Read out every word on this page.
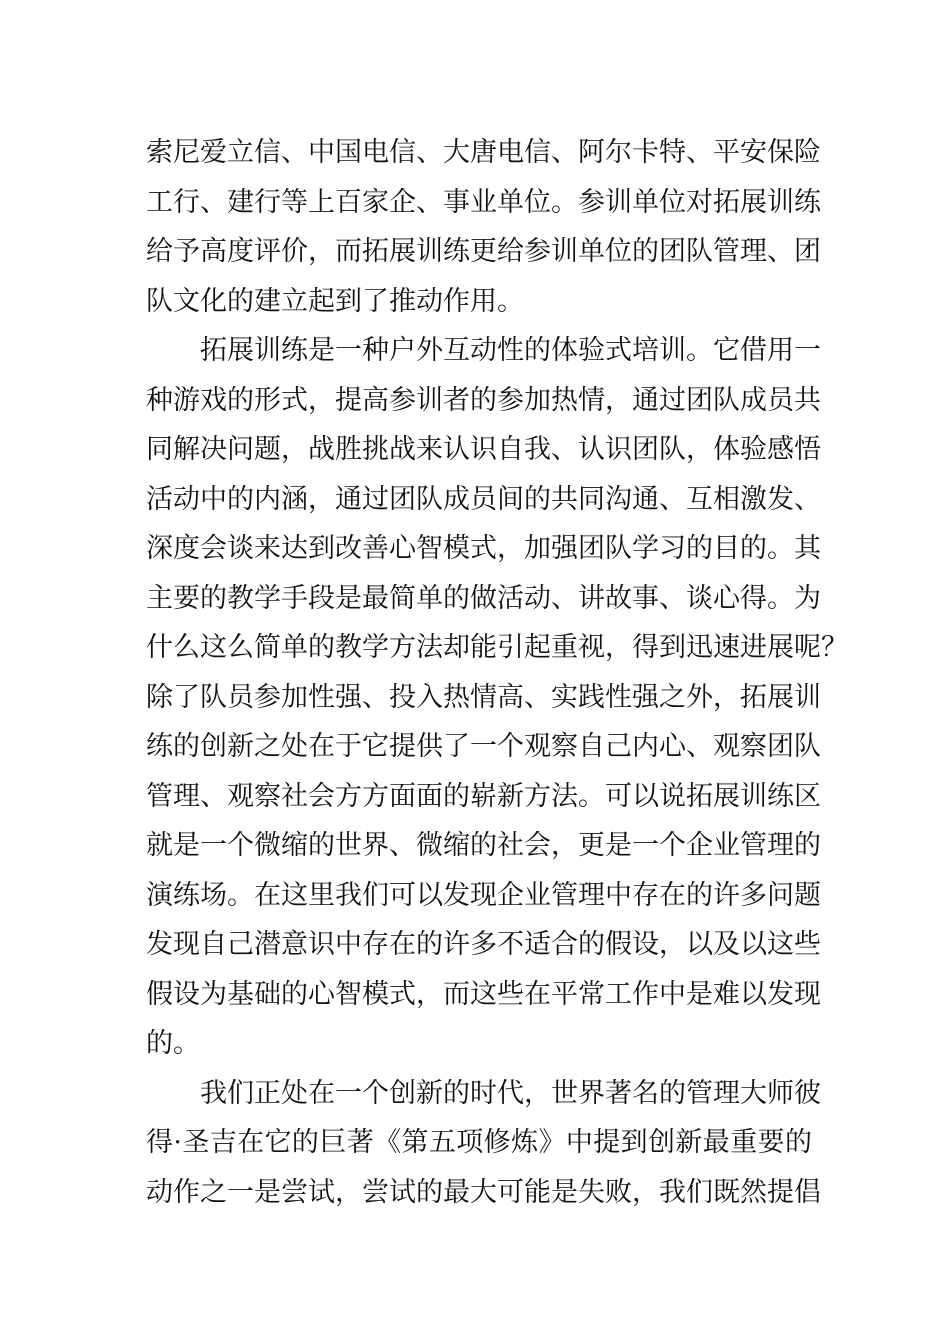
索尼爱立信、中国电信、大唐电信、阿尔卡特、平安保险
工行、建行等上百家企、事业单位。参训单位对拓展训练
给予高度评价，而拓展训练更给参训单位的团队管理、团
队文化的建立起到了推动作用。
拓展训练是一种户外互动性的体验式培训。它借用一
种游戏的形式，提高参训者的参加热情，通过团队成员共
同解决问题，战胜挑战来认识自我、认识团队，体验感悟
活动中的内涵，通过团队成员间的共同沟通、互相激发、
深度会谈来达到改善心智模式，加强团队学习的目的。其
主要的教学手段是最简单的做活动、讲故事、谈心得。为
什么这么简单的教学方法却能引起重视，得到迅速进展呢？
除了队员参加性强、投入热情高、实践性强之外，拓展训
练的创新之处在于它提供了一个观察自己内心、观察团队
管理、观察社会方方面面的崭新方法。可以说拓展训练区
就是一个微缩的世界、微缩的社会，更是一个企业管理的
演练场。在这里我们可以发现企业管理中存在的许多问题
发现自己潜意识中存在的许多不适合的假设，以及以这些
假设为基础的心智模式，而这些在平常工作中是难以发现
的。
我们正处在一个创新的时代，世界著名的管理大师彼
得·圣吉在它的巨著《第五项修炼》中提到创新最重要的
动作之一是尝试，尝试的最大可能是失败，我们既然提倡
